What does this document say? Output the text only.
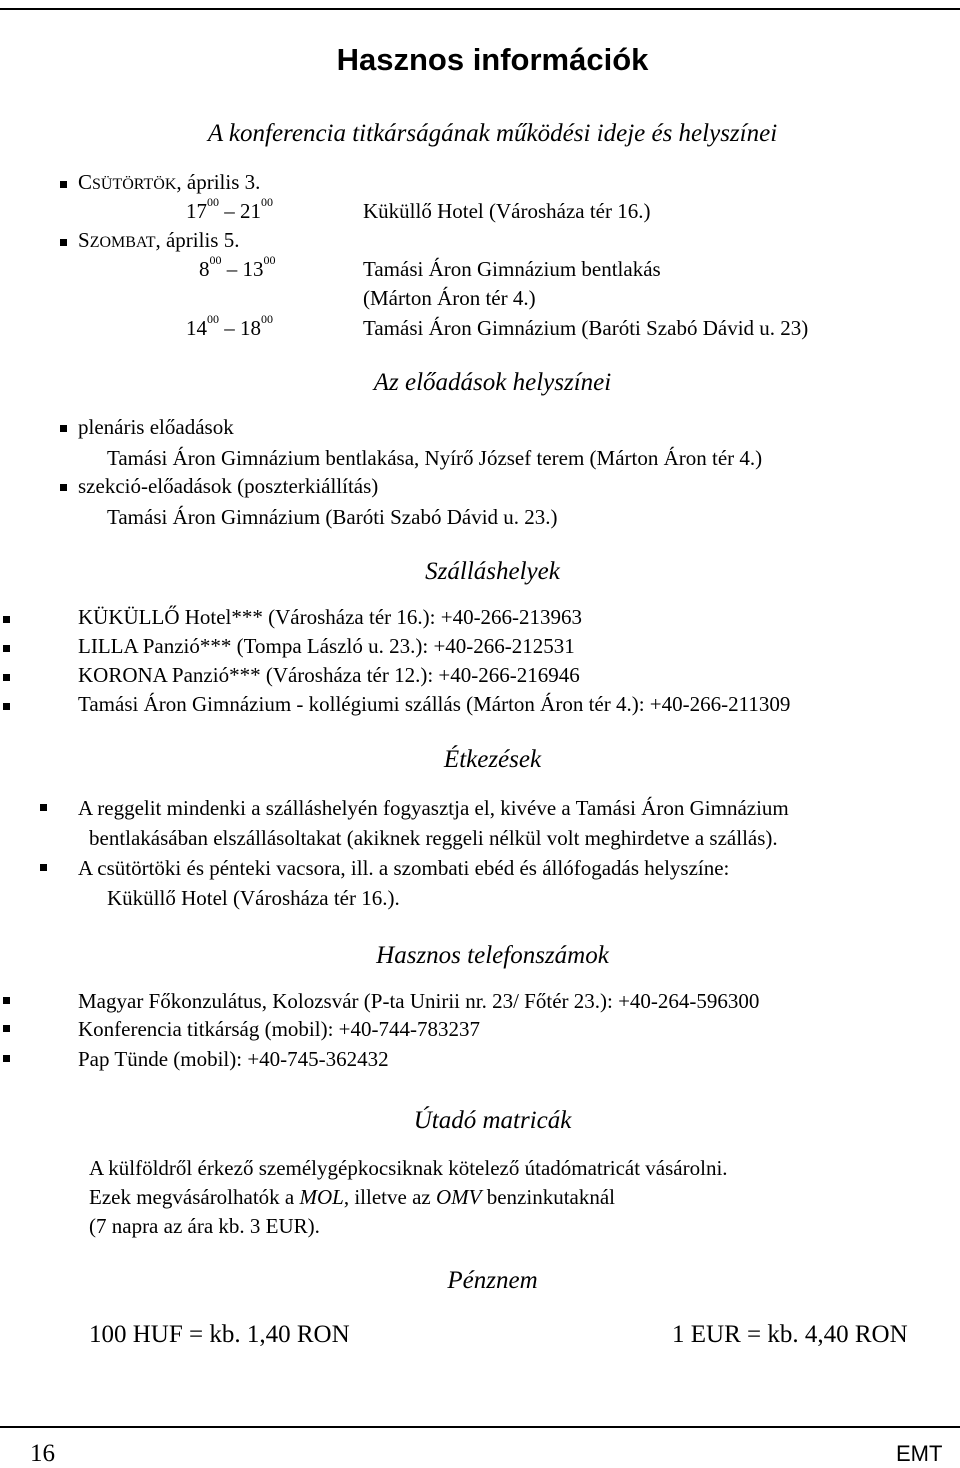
Hasznos információk
A konferencia titkárságának működési ideje és helyszínei
CSÜTÖRTÖK, április 3.
$17^{00} - 21^{00}$	Küküllő Hotel (Városháza tér 16.)
SZOMBAT, április 5.
$8^{00} - 13^{00}$	Tamási Áron Gimnázium bentlakás
(Márton Áron tér 4.)
$14^{00} - 18^{00}$	Tamási Áron Gimnázium (Baróti Szabó Dávid u. 23)
Az előadások helyszínei
plenáris előadások
Tamási Áron Gimnázium bentlakása, Nyírő József terem (Márton Áron tér 4.)
szekció-előadások (poszterkiállítás)
Tamási Áron Gimnázium (Baróti Szabó Dávid u. 23.)
Szálláshelyek
KÜKÜLLŐ Hotel*** (Városháza tér 16.): +40-266-213963
LILLA Panzió*** (Tompa László u. 23.): +40-266-212531
KORONA Panzió*** (Városháza tér 12.): +40-266-216946
Tamási Áron Gimnázium - kollégiumi szállás (Márton Áron tér 4.): +40-266-211309
Étkezések
A reggelit mindenki a szálláshelyén fogyasztja el, kivéve a Tamási Áron Gimnázium
bentlakásában elszállásoltakat (akiknek reggeli nélkül volt meghirdetve a szállás).
A csütörtöki és pénteki vacsora, ill. a szombati ebéd és állófogadás helyszíne:
Küküllő Hotel (Városháza tér 16.).
Hasznos telefonszámok
Magyar Főkonzulátus, Kolozsvár (P-ta Unirii nr. 23/ Főtér 23.): +40-264-596300
Konferencia titkárság (mobil): +40-744-783237
Pap Tünde (mobil): +40-745-362432
Útadó matricák
A külföldről érkező személygépkocsiknak kötelező útadómatricát vásárolni.
Ezek megvásárolhatók a MOL, illetve az OMV benzinkutaknál
(7 napra az ára kb. 3 EUR).
Pénznem
100 HUF = kb. 1,40 RON	1 EUR = kb. 4,40 RON
16	EMT
